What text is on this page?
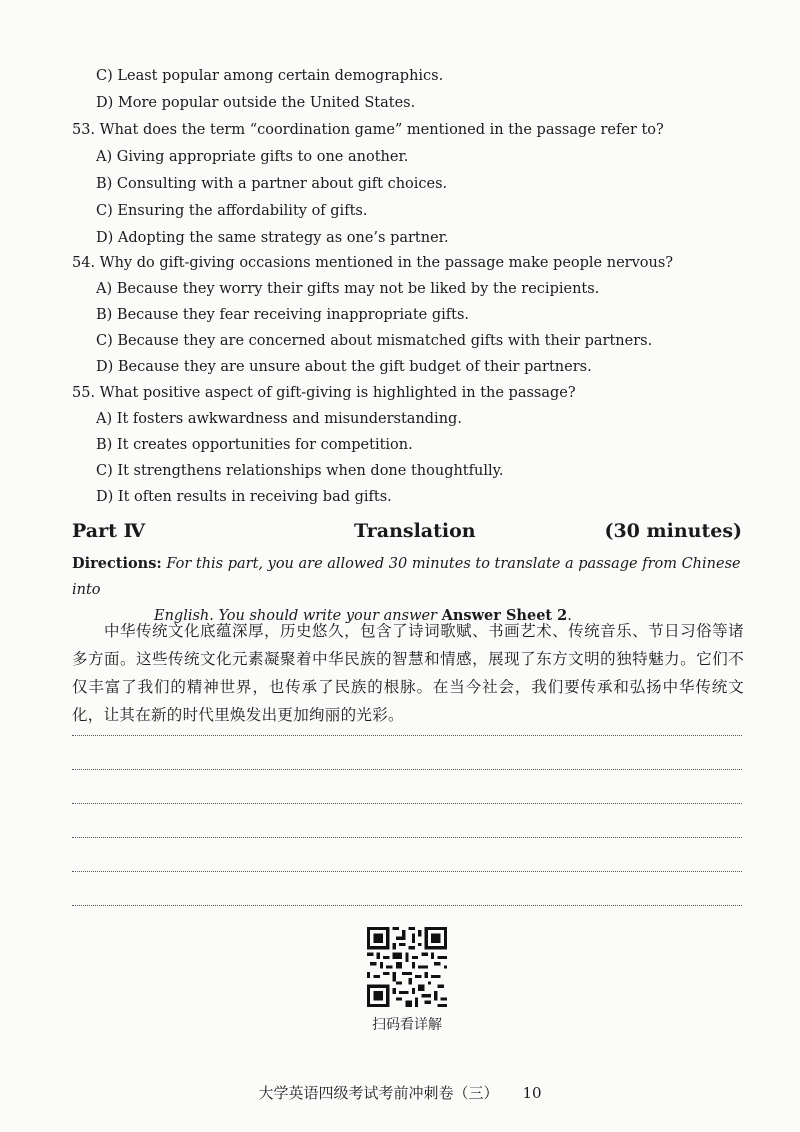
C) Least popular among certain demographics.

D) More popular outside the United States.

53. What does the term “coordination game” mentioned in the passage refer to?

A) Giving appropriate gifts to one another.

B) Consulting with a partner about gift choices.

C) Ensuring the affordability of gifts.

D) Adopting the same strategy as one’s partner.

54. Why do gift-giving occasions mentioned in the passage make people nervous?

A) Because they worry their gifts may not be liked by the recipients.

B) Because they fear receiving inappropriate gifts.

C) Because they are concerned about mismatched gifts with their partners.

D) Because they are unsure about the gift budget of their partners.

55. What positive aspect of gift-giving is highlighted in the passage?

A) It fosters awkwardness and misunderstanding.

B) It creates opportunities for competition.

C) It strengthens relationships when done thoughtfully.

D) It often results in receiving bad gifts.

Part Ⅳ	Translation	(30 minutes)
Directions: For this part, you are allowed 30 minutes to translate a passage from Chinese into
English. You should write your answer Answer Sheet 2.

中华传统文化底蕴深厚，历史悠久，包含了诗词歌赋、书画艺术、传统音乐、节日习俗等诸多方面。这些传统文化元素凝聚着中华民族的智慧和情感，展现了东方文明的独特魅力。它们不仅丰富了我们的精神世界，也传承了民族的根脉。在当今社会，我们要传承和弘扬中华传统文化，让其在新的时代里焕发出更加绚丽的光彩。

扫码看详解
大学英语四级考试考前冲刺卷（三） 10
